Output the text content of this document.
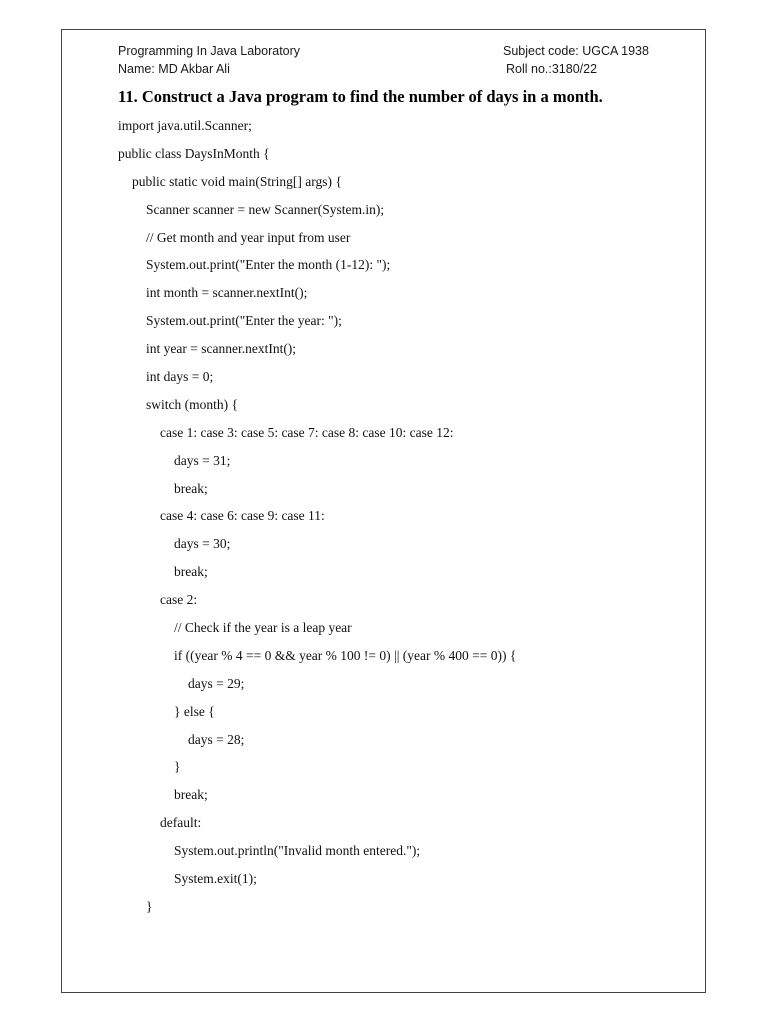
Programming In Java Laboratory	Subject code: UGCA 1938
Name: MD Akbar Ali	Roll no.:3180/22
11. Construct a Java program to find the number of days in a month.
import java.util.Scanner;
public class DaysInMonth {
public static void main(String[] args) {
Scanner scanner = new Scanner(System.in);
// Get month and year input from user
System.out.print("Enter the month (1-12): ");
int month = scanner.nextInt();
System.out.print("Enter the year: ");
int year = scanner.nextInt();
int days = 0;
switch (month) {
case 1: case 3: case 5: case 7: case 8: case 10: case 12:
days = 31;
break;
case 4: case 6: case 9: case 11:
days = 30;
break;
case 2:
// Check if the year is a leap year
if ((year % 4 == 0 && year % 100 != 0) || (year % 400 == 0)) {
days = 29;
} else {
days = 28;
}
break;
default:
System.out.println("Invalid month entered.");
System.exit(1);
}
